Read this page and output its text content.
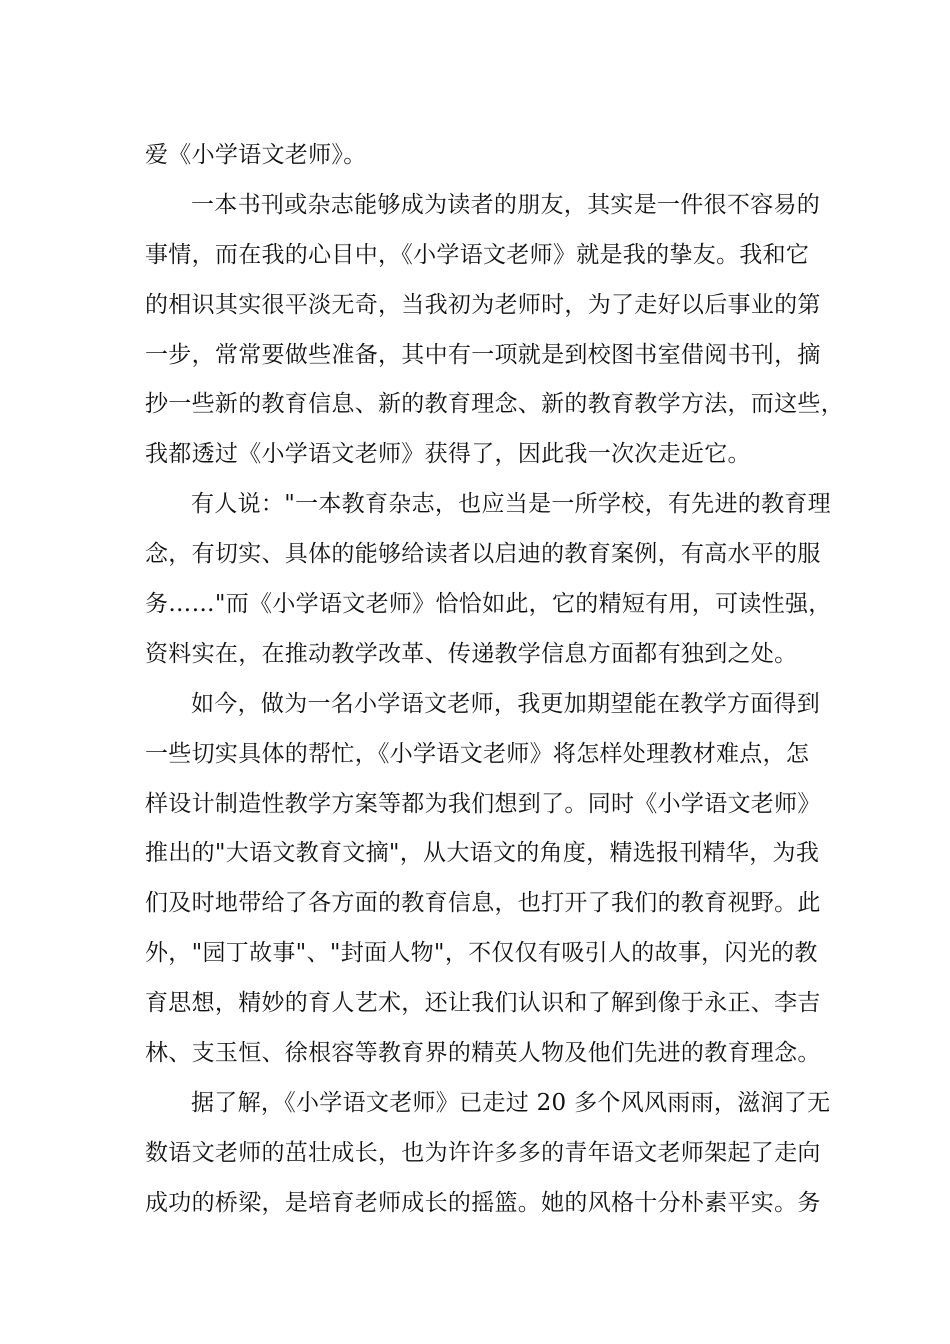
爱《小学语文老师》。
一本书刊或杂志能够成为读者的朋友，其实是一件很不容易的
事情，而在我的心目中，《小学语文老师》就是我的挚友。我和它
的相识其实很平淡无奇，当我初为老师时，为了走好以后事业的第
一步，常常要做些准备，其中有一项就是到校图书室借阅书刊，摘
抄一些新的教育信息、新的教育理念、新的教育教学方法，而这些，
我都透过《小学语文老师》获得了，因此我一次次走近它。
有人说："一本教育杂志，也应当是一所学校，有先进的教育理
念，有切实、具体的能够给读者以启迪的教育案例，有高水平的服
务……"而《小学语文老师》恰恰如此，它的精短有用，可读性强，
资料实在，在推动教学改革、传递教学信息方面都有独到之处。
如今，做为一名小学语文老师，我更加期望能在教学方面得到
一些切实具体的帮忙，《小学语文老师》将怎样处理教材难点，怎
样设计制造性教学方案等都为我们想到了。同时《小学语文老师》
推出的"大语文教育文摘"，从大语文的角度，精选报刊精华，为我
们及时地带给了各方面的教育信息，也打开了我们的教育视野。此
外，"园丁故事"、"封面人物"，不仅仅有吸引人的故事，闪光的教
育思想，精妙的育人艺术，还让我们认识和了解到像于永正、李吉
林、支玉恒、徐根容等教育界的精英人物及他们先进的教育理念。
据了解，《小学语文老师》已走过 20 多个风风雨雨，滋润了无
数语文老师的茁壮成长，也为许许多多的青年语文老师架起了走向
成功的桥梁，是培育老师成长的摇篮。她的风格十分朴素平实。务
